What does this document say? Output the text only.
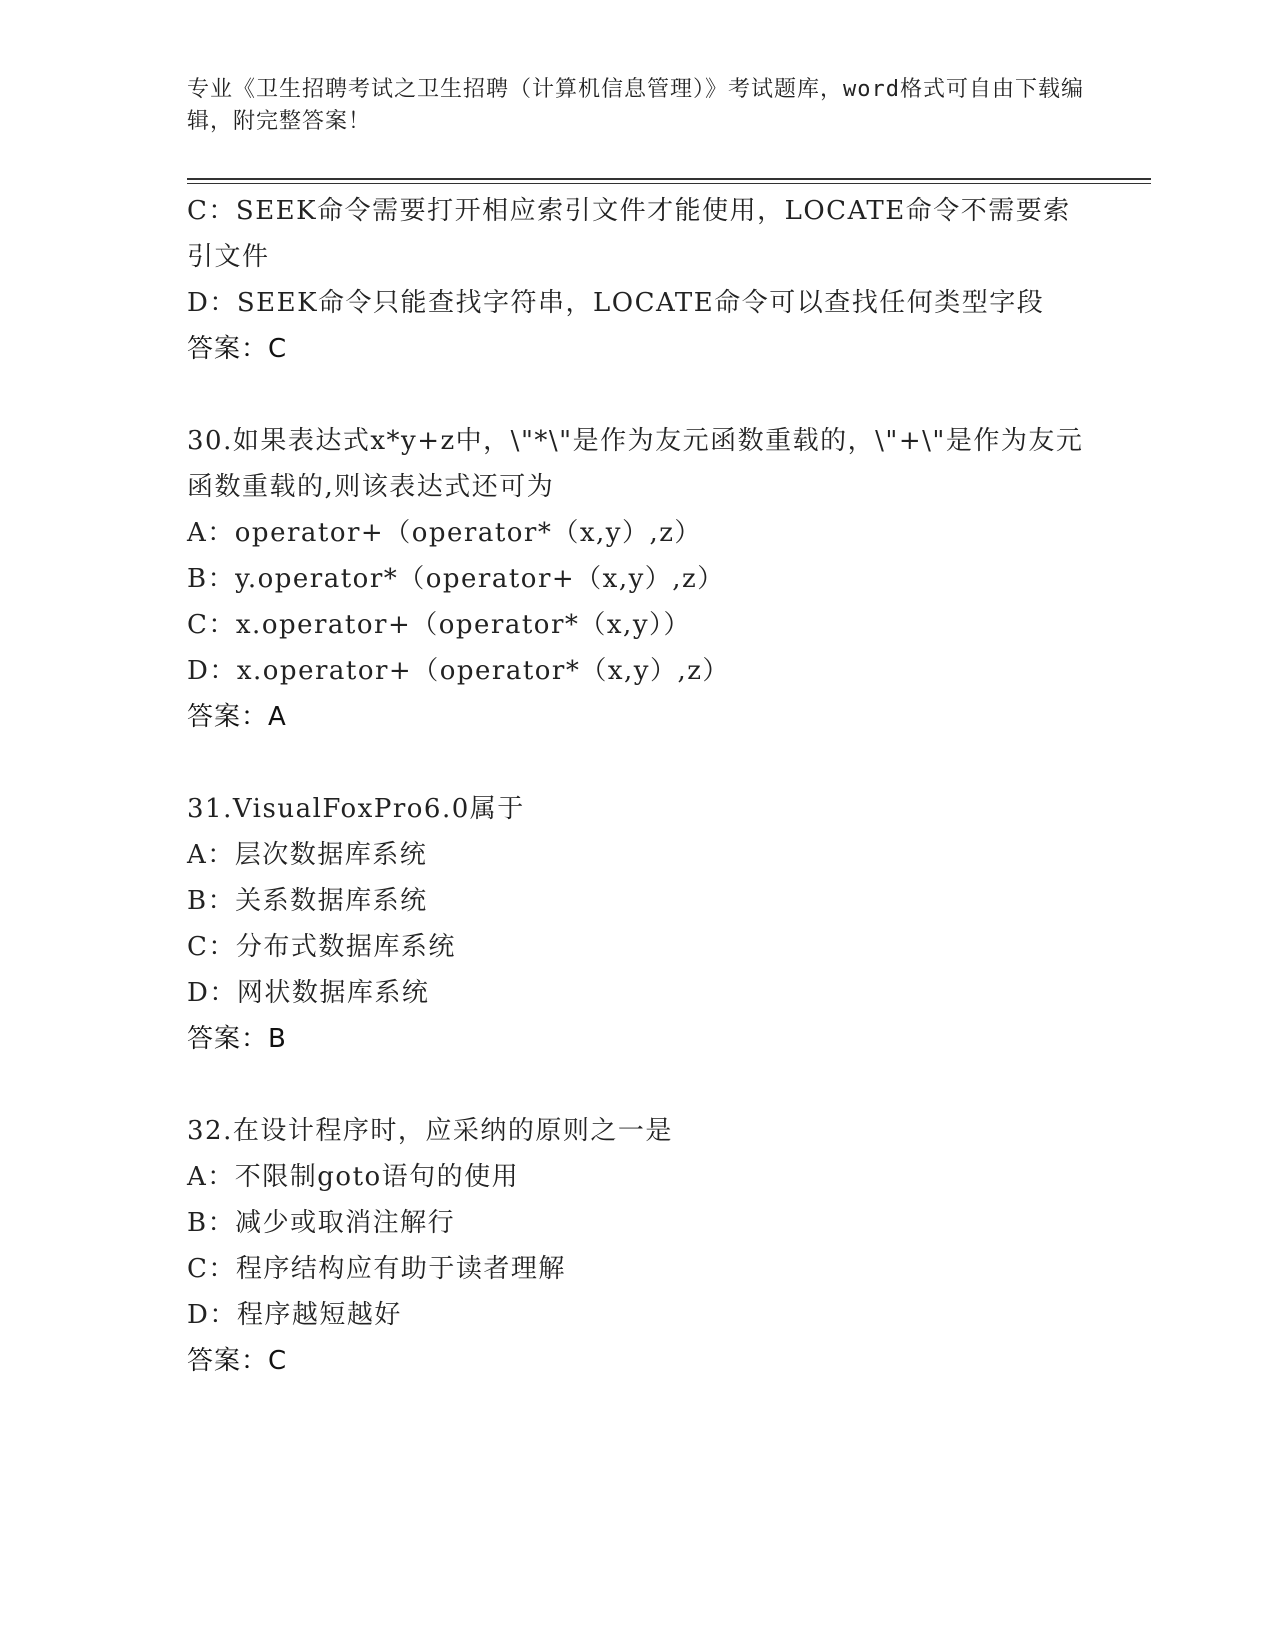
专业《卫生招聘考试之卫生招聘（计算机信息管理）》考试题库，word格式可自由下载编辑，附完整答案！
C：SEEK命令需要打开相应索引文件才能使用，LOCATE命令不需要索引文件
D：SEEK命令只能查找字符串，LOCATE命令可以查找任何类型字段
答案：C
30.如果表达式x*y+z中，\"*\"是作为友元函数重载的，\"+\"是作为友元函数重载的,则该表达式还可为
A：operator+（operator*（x,y）,z）
B：y.operator*（operator+（x,y）,z）
C：x.operator+（operator*（x,y））
D：x.operator+（operator*（x,y）,z）
答案：A
31.VisualFoxPro6.0属于
A：层次数据库系统
B：关系数据库系统
C：分布式数据库系统
D：网状数据库系统
答案：B
32.在设计程序时，应采纳的原则之一是
A：不限制goto语句的使用
B：减少或取消注解行
C：程序结构应有助于读者理解
D：程序越短越好
答案：C
